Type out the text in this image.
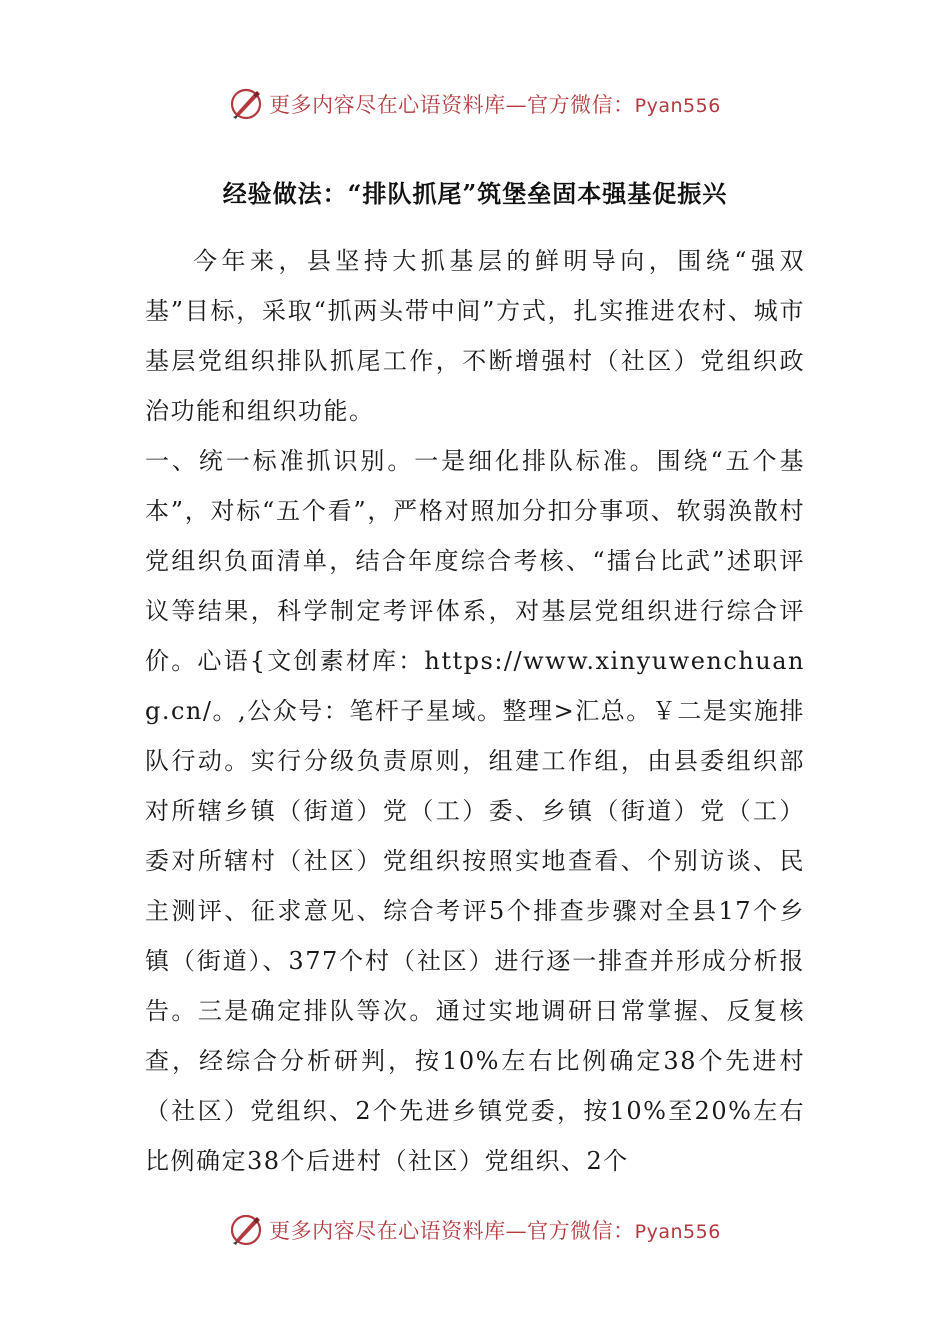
更多内容尽在心语资料库—官方微信：Pyan556
经验做法：“排队抓尾”筑堡垒固本强基促振兴

今年来，县坚持大抓基层的鲜明导向，围绕“强双基”目标，采取“抓两头带中间”方式，扎实推进农村、城市基层党组织排队抓尾工作，不断增强村（社区）党组织政治功能和组织功能。

一、统一标准抓识别。一是细化排队标准。围绕“五个基本”，对标“五个看”，严格对照加分扣分事项、软弱涣散村党组织负面清单，结合年度综合考核、“擂台比武”述职评议等结果，科学制定考评体系，对基层党组织进行综合评价。心语{文创素材库：https://www.xinyuwenchuang.cn/。,公众号：笔杆子星域。整理>汇总。￥二是实施排队行动。实行分级负责原则，组建工作组，由县委组织部对所辖乡镇（街道）党（工）委、乡镇（街道）党（工）委对所辖村（社区）党组织按照实地查看、个别访谈、民主测评、征求意见、综合考评5个排查步骤对全县17个乡镇（街道）、377个村（社区）进行逐一排查并形成分析报告。三是确定排队等次。通过实地调研日常掌握、反复核查，经综合分析研判，按10%左右比例确定38个先进村（社区）党组织、2个先进乡镇党委，按10%至20%左右比例确定38个后进村（社区）党组织、2个

更多内容尽在心语资料库—官方微信：Pyan556
